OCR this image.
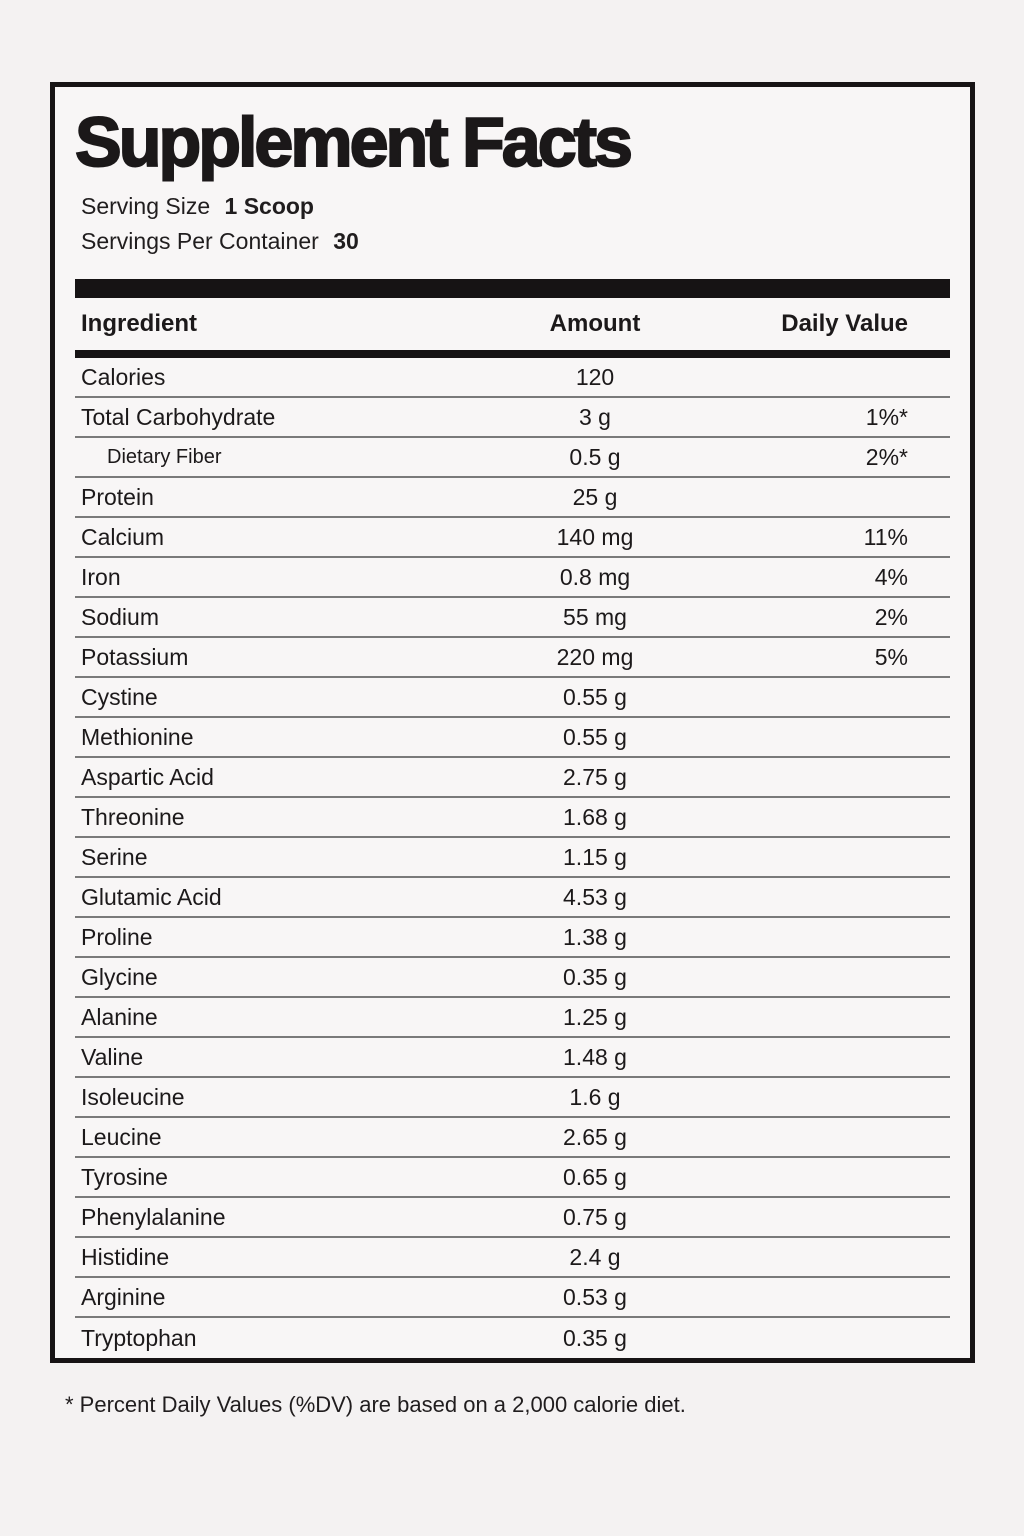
Supplement Facts
Serving Size 1 Scoop
Servings Per Container 30
Ingredient	Amount	Daily Value
Calories	120
Total Carbohydrate	3 g	1%*
Dietary Fiber	0.5 g	2%*
Protein	25 g
Calcium	140 mg	11%
Iron	0.8 mg	4%
Sodium	55 mg	2%
Potassium	220 mg	5%
Cystine	0.55 g
Methionine	0.55 g
Aspartic Acid	2.75 g
Threonine	1.68 g
Serine	1.15 g
Glutamic Acid	4.53 g
Proline	1.38 g
Glycine	0.35 g
Alanine	1.25 g
Valine	1.48 g
Isoleucine	1.6 g
Leucine	2.65 g
Tyrosine	0.65 g
Phenylalanine	0.75 g
Histidine	2.4 g
Arginine	0.53 g
Tryptophan	0.35 g
* Percent Daily Values (%DV) are based on a 2,000 calorie diet.
